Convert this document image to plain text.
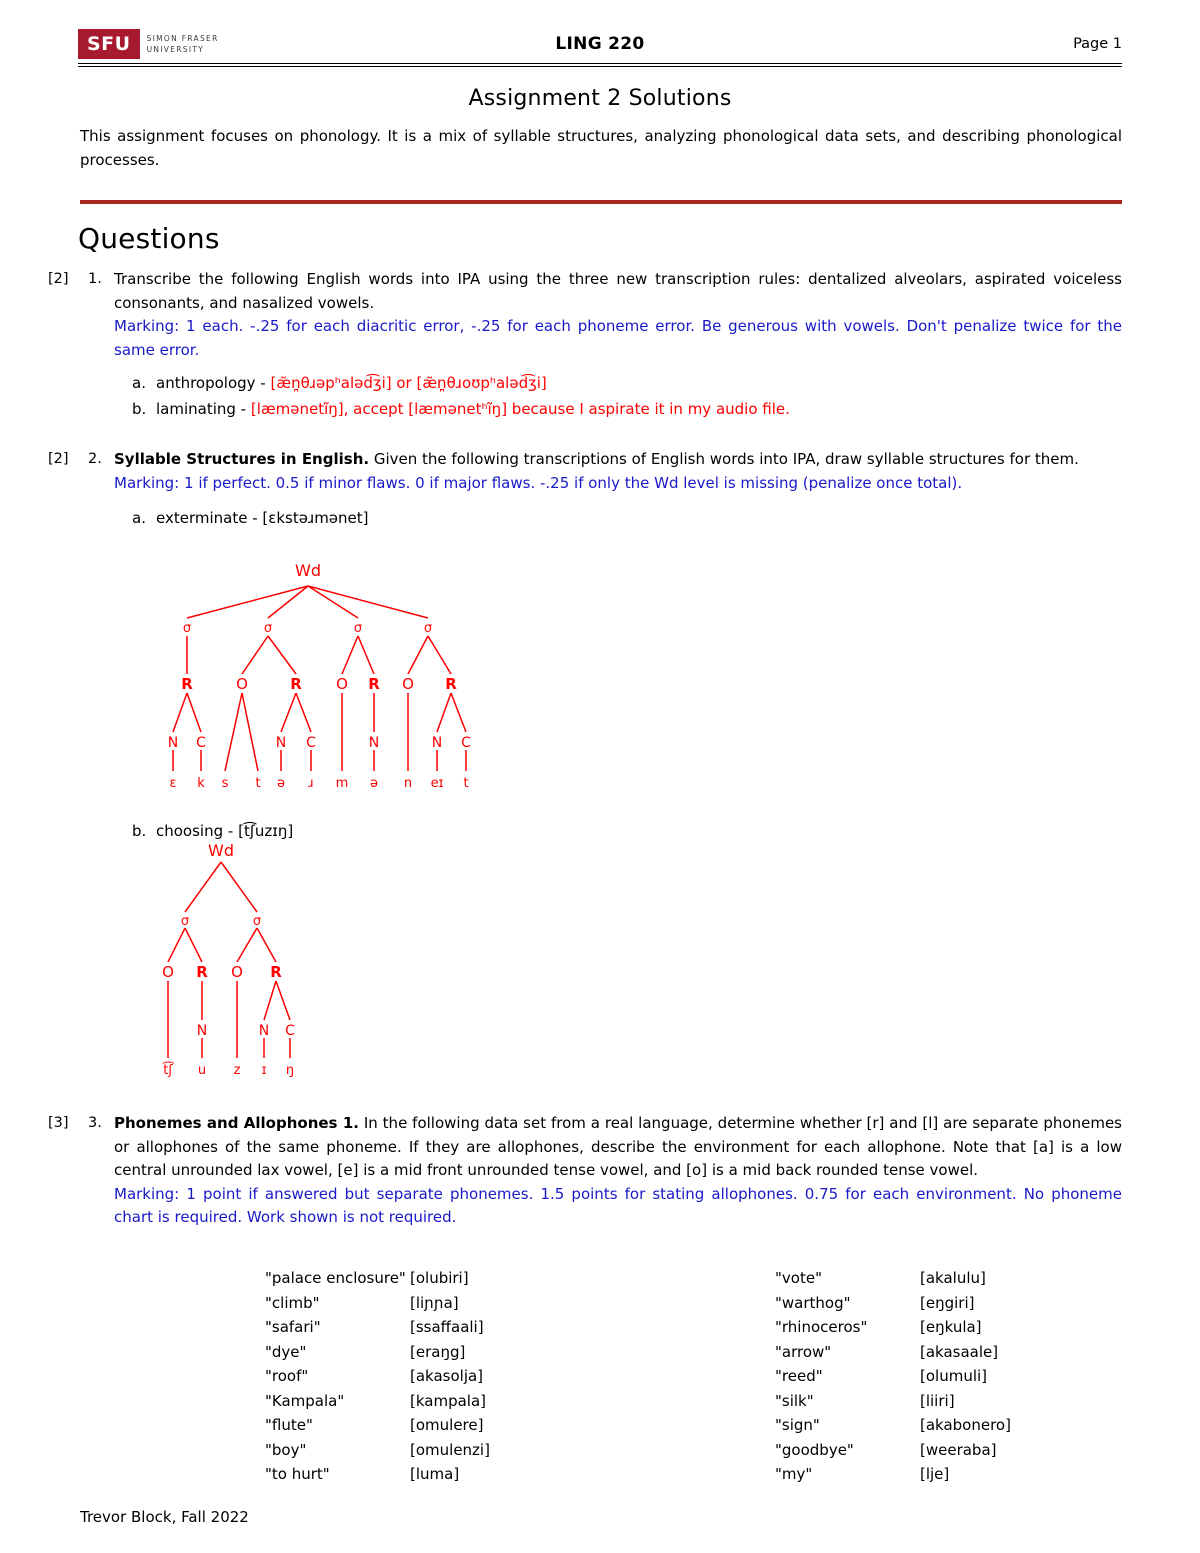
SFU	SIMON FRASER
UNIVERSITY	LING 220	Page 1
Assignment 2 Solutions
This assignment focuses on phonology. It is a mix of syllable structures, analyzing phonological data sets, and describing phonological processes.
Questions
[2]	1. Transcribe the following English words into IPA using the three new transcription rules: dentalized alveolars, aspirated voiceless consonants, and nasalized vowels.
Marking: 1 each. -.25 for each diacritic error, -.25 for each phoneme error. Be generous with vowels. Don't penalize twice for the same error.
a. anthropology - [æ̃n̪θɹəpʰaləd͡ʒi] or [æ̃n̪θɹoʊpʰaləd͡ʒi]
b. laminating - [læmənetĩŋ], accept [læmənetʰĩŋ] because I aspirate it in my audio file.
[2]	2. Syllable Structures in English. Given the following transcriptions of English words into IPA, draw syllable structures for them.
Marking: 1 if perfect. 0.5 if minor flaws. 0 if major flaws. -.25 if only the Wd level is missing (penalize once total).
a. exterminate - [ɛkstəɹmənet]
Wd
σ	σ	σ	σ
R	O	R O R O R
N C	N C	N	N C
ɛ k s t ə ɹ m ə n eɪ t
b. choosing - [t͡ʃuzɪŋ]
Wd
σ	σ
O R O R
N	N C
t͡ʃ u z ɪ ŋ
[3]	3. Phonemes and Allophones 1. In the following data set from a real language, determine whether [r] and [l] are separate phonemes or allophones of the same phoneme. If they are allophones, describe the environment for each allophone. Note that [a] is a low central unrounded lax vowel, [e] is a mid front unrounded tense vowel, and [o] is a mid back rounded tense vowel.
Marking: 1 point if answered but separate phonemes. 1.5 points for stating allophones. 0.75 for each environment. No phoneme chart is required. Work shown is not required.
"palace enclosure" [olubiri]
"climb"	[liɲɲa]
"safari"	[ssaffaali]
"dye"	[eraŋg]
"roof"	[akasolja]
"Kampala"	[kampala]
"flute"	[omulere]
"boy"	[omulenzi]
"to hurt"	[luma]
"vote"	[akalulu]
"warthog"	[eŋgiri]
"rhinoceros"	[eŋkula]
"arrow"	[akasaale]
"reed"	[olumuli]
"silk"	[liiri]
"sign"	[akabonero]
"goodbye"	[weeraba]
"my"	[lje]
Trevor Block, Fall 2022
